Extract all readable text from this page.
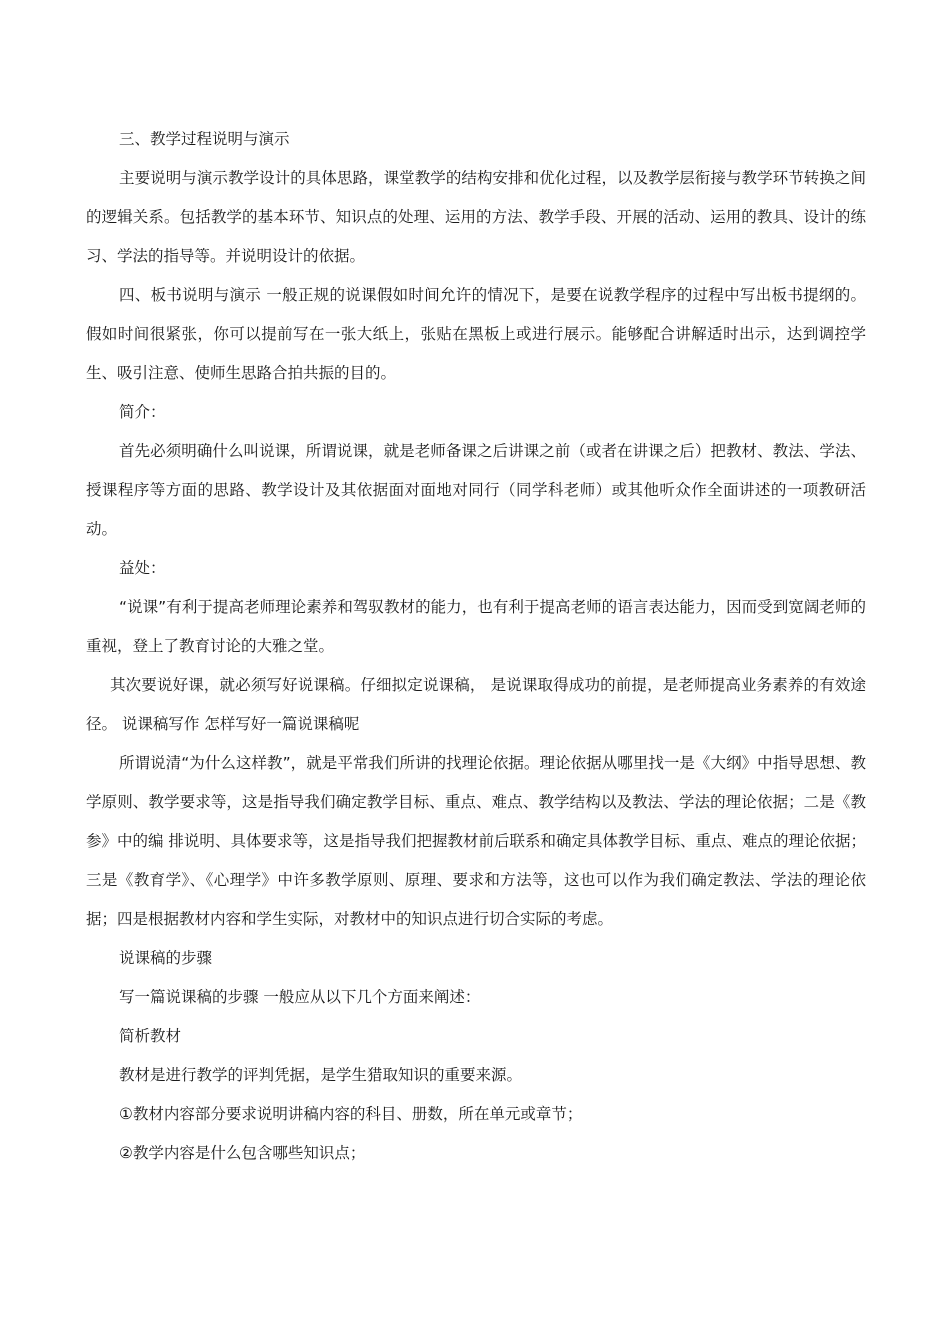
三、教学过程说明与演示

主要说明与演示教学设计的具体思路，课堂教学的结构安排和优化过程，以及教学层衔接与教学环节转换之间的逻辑关系。包括教学的基本环节、知识点的处理、运用的方法、教学手段、开展的活动、运用的教具、设计的练习、学法的指导等。并说明设计的依据。

四、板书说明与演示 一般正规的说课假如时间允许的情况下，是要在说教学程序的过程中写出板书提纲的。假如时间很紧张，你可以提前写在一张大纸上，张贴在黑板上或进行展示。能够配合讲解适时出示，达到调控学生、吸引注意、使师生思路合拍共振的目的。

简介：

首先必须明确什么叫说课，所谓说课，就是老师备课之后讲课之前（或者在讲课之后）把教材、教法、学法、授课程序等方面的思路、教学设计及其依据面对面地对同行（同学科老师）或其他听众作全面讲述的一项教研活动。

益处：

“说课”有利于提高老师理论素养和驾驭教材的能力，也有利于提高老师的语言表达能力，因而受到宽阔老师的重视，登上了教育讨论的大雅之堂。

其次要说好课，就必须写好说课稿。仔细拟定说课稿， 是说课取得成功的前提，是老师提高业务素养的有效途径。 说课稿写作 怎样写好一篇说课稿呢

所谓说清“为什么这样教”，就是平常我们所讲的找理论依据。理论依据从哪里找一是《大纲》中指导思想、教学原则、教学要求等，这是指导我们确定教学目标、重点、难点、教学结构以及教法、学法的理论依据；二是《教参》中的编 排说明、具体要求等，这是指导我们把握教材前后联系和确定具体教学目标、重点、难点的理论依据；三是《教育学》、《心理学》中许多教学原则、原理、要求和方法等，这也可以作为我们确定教法、学法的理论依据；四是根据教材内容和学生实际，对教材中的知识点进行切合实际的考虑。

说课稿的步骤

写一篇说课稿的步骤 一般应从以下几个方面来阐述：

简析教材

教材是进行教学的评判凭据，是学生猎取知识的重要来源。

①教材内容部分要求说明讲稿内容的科目、册数，所在单元或章节；

②教学内容是什么包含哪些知识点；
